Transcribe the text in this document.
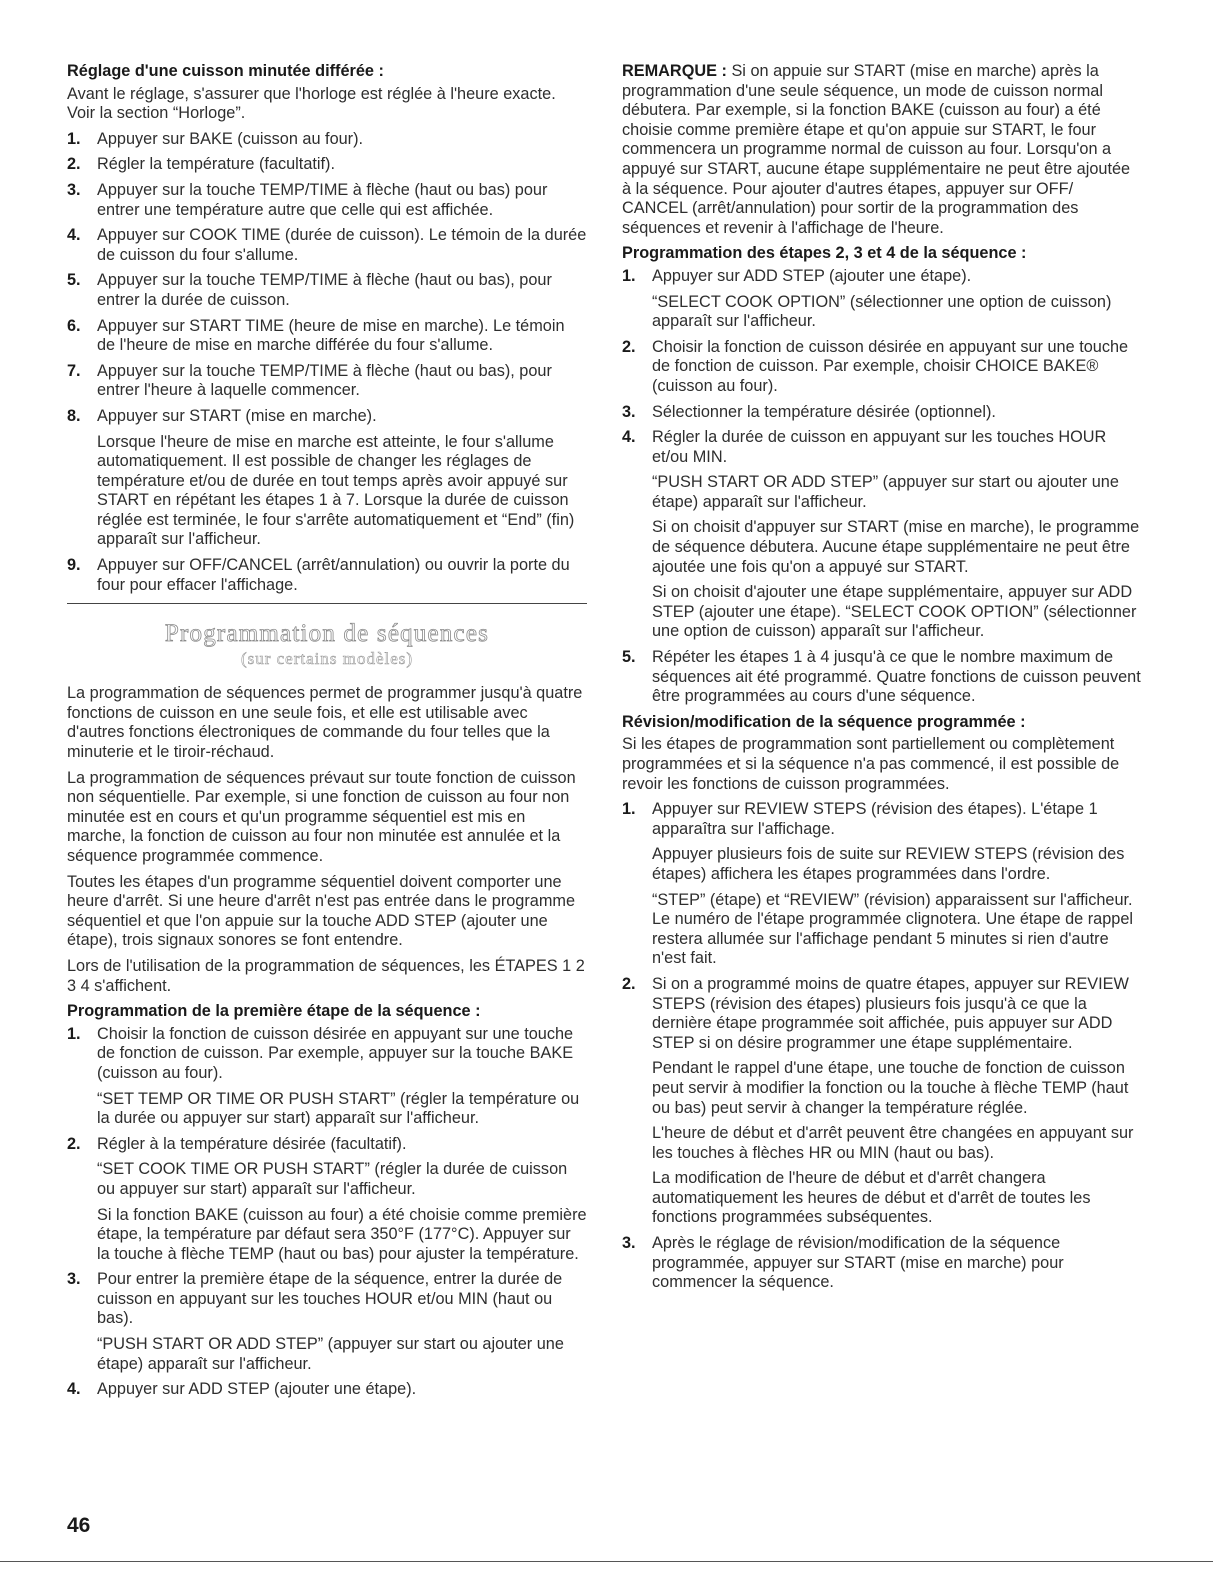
Réglage d'une cuisson minutée différée :
Avant le réglage, s'assurer que l'horloge est réglée à l'heure exacte. Voir la section “Horloge”.
1. Appuyer sur BAKE (cuisson au four).
2. Régler la température (facultatif).
3. Appuyer sur la touche TEMP/TIME à flèche (haut ou bas) pour entrer une température autre que celle qui est affichée.
4. Appuyer sur COOK TIME (durée de cuisson). Le témoin de la durée de cuisson du four s'allume.
5. Appuyer sur la touche TEMP/TIME à flèche (haut ou bas), pour entrer la durée de cuisson.
6. Appuyer sur START TIME (heure de mise en marche). Le témoin de l'heure de mise en marche différée du four s'allume.
7. Appuyer sur la touche TEMP/TIME à flèche (haut ou bas), pour entrer l'heure à laquelle commencer.
8. Appuyer sur START (mise en marche).
Lorsque l'heure de mise en marche est atteinte, le four s'allume automatiquement. Il est possible de changer les réglages de température et/ou de durée en tout temps après avoir appuyé sur START en répétant les étapes 1 à 7. Lorsque la durée de cuisson réglée est terminée, le four s'arrête automatiquement et “End” (fin) apparaît sur l'afficheur.
9. Appuyer sur OFF/CANCEL (arrêt/annulation) ou ouvrir la porte du four pour effacer l'affichage.
Programmation de séquences
(sur certains modèles)
La programmation de séquences permet de programmer jusqu'à quatre fonctions de cuisson en une seule fois, et elle est utilisable avec d'autres fonctions électroniques de commande du four telles que la minuterie et le tiroir-réchaud.
La programmation de séquences prévaut sur toute fonction de cuisson non séquentielle. Par exemple, si une fonction de cuisson au four non minutée est en cours et qu'un programme séquentiel est mis en marche, la fonction de cuisson au four non minutée est annulée et la séquence programmée commence.
Toutes les étapes d'un programme séquentiel doivent comporter une heure d'arrêt. Si une heure d'arrêt n'est pas entrée dans le programme séquentiel et que l'on appuie sur la touche ADD STEP (ajouter une étape), trois signaux sonores se font entendre.
Lors de l'utilisation de la programmation de séquences, les ÉTAPES 1 2 3 4 s'affichent.
Programmation de la première étape de la séquence :
1. Choisir la fonction de cuisson désirée en appuyant sur une touche de fonction de cuisson. Par exemple, appuyer sur la touche BAKE (cuisson au four).
“SET TEMP OR TIME OR PUSH START” (régler la température ou la durée ou appuyer sur start) apparaît sur l'afficheur.
2. Régler à la température désirée (facultatif).
“SET COOK TIME OR PUSH START” (régler la durée de cuisson ou appuyer sur start) apparaît sur l'afficheur.
Si la fonction BAKE (cuisson au four) a été choisie comme première étape, la température par défaut sera 350°F (177°C). Appuyer sur la touche à flèche TEMP (haut ou bas) pour ajuster la température.
3. Pour entrer la première étape de la séquence, entrer la durée de cuisson en appuyant sur les touches HOUR et/ou MIN (haut ou bas).
“PUSH START OR ADD STEP” (appuyer sur start ou ajouter une étape) apparaît sur l'afficheur.
4. Appuyer sur ADD STEP (ajouter une étape).
REMARQUE : Si on appuie sur START (mise en marche) après la programmation d'une seule séquence, un mode de cuisson normal débutera. Par exemple, si la fonction BAKE (cuisson au four) a été choisie comme première étape et qu'on appuie sur START, le four commencera un programme normal de cuisson au four. Lorsqu'on a appuyé sur START, aucune étape supplémentaire ne peut être ajoutée à la séquence. Pour ajouter d'autres étapes, appuyer sur OFF/ CANCEL (arrêt/annulation) pour sortir de la programmation des séquences et revenir à l'affichage de l'heure.
Programmation des étapes 2, 3 et 4 de la séquence :
1. Appuyer sur ADD STEP (ajouter une étape).
“SELECT COOK OPTION” (sélectionner une option de cuisson) apparaît sur l'afficheur.
2. Choisir la fonction de cuisson désirée en appuyant sur une touche de fonction de cuisson. Par exemple, choisir CHOICE BAKE® (cuisson au four).
3. Sélectionner la température désirée (optionnel).
4. Régler la durée de cuisson en appuyant sur les touches HOUR et/ou MIN.
“PUSH START OR ADD STEP” (appuyer sur start ou ajouter une étape) apparaît sur l'afficheur.
Si on choisit d'appuyer sur START (mise en marche), le programme de séquence débutera. Aucune étape supplémentaire ne peut être ajoutée une fois qu'on a appuyé sur START.
Si on choisit d'ajouter une étape supplémentaire, appuyer sur ADD STEP (ajouter une étape). “SELECT COOK OPTION” (sélectionner une option de cuisson) apparaît sur l'afficheur.
5. Répéter les étapes 1 à 4 jusqu'à ce que le nombre maximum de séquences ait été programmé. Quatre fonctions de cuisson peuvent être programmées au cours d'une séquence.
Révision/modification de la séquence programmée :
Si les étapes de programmation sont partiellement ou complètement programmées et si la séquence n'a pas commencé, il est possible de revoir les fonctions de cuisson programmées.
1. Appuyer sur REVIEW STEPS (révision des étapes). L'étape 1 apparaîtra sur l'affichage.
Appuyer plusieurs fois de suite sur REVIEW STEPS (révision des étapes) affichera les étapes programmées dans l'ordre.
“STEP” (étape) et “REVIEW” (révision) apparaissent sur l'afficheur. Le numéro de l'étape programmée clignotera. Une étape de rappel restera allumée sur l'affichage pendant 5 minutes si rien d'autre n'est fait.
2. Si on a programmé moins de quatre étapes, appuyer sur REVIEW STEPS (révision des étapes) plusieurs fois jusqu'à ce que la dernière étape programmée soit affichée, puis appuyer sur ADD STEP si on désire programmer une étape supplémentaire.
Pendant le rappel d'une étape, une touche de fonction de cuisson peut servir à modifier la fonction ou la touche à flèche TEMP (haut ou bas) peut servir à changer la température réglée.
L'heure de début et d'arrêt peuvent être changées en appuyant sur les touches à flèches HR ou MIN (haut ou bas).
La modification de l'heure de début et d'arrêt changera automatiquement les heures de début et d'arrêt de toutes les fonctions programmées subséquentes.
3. Après le réglage de révision/modification de la séquence programmée, appuyer sur START (mise en marche) pour commencer la séquence.
46
